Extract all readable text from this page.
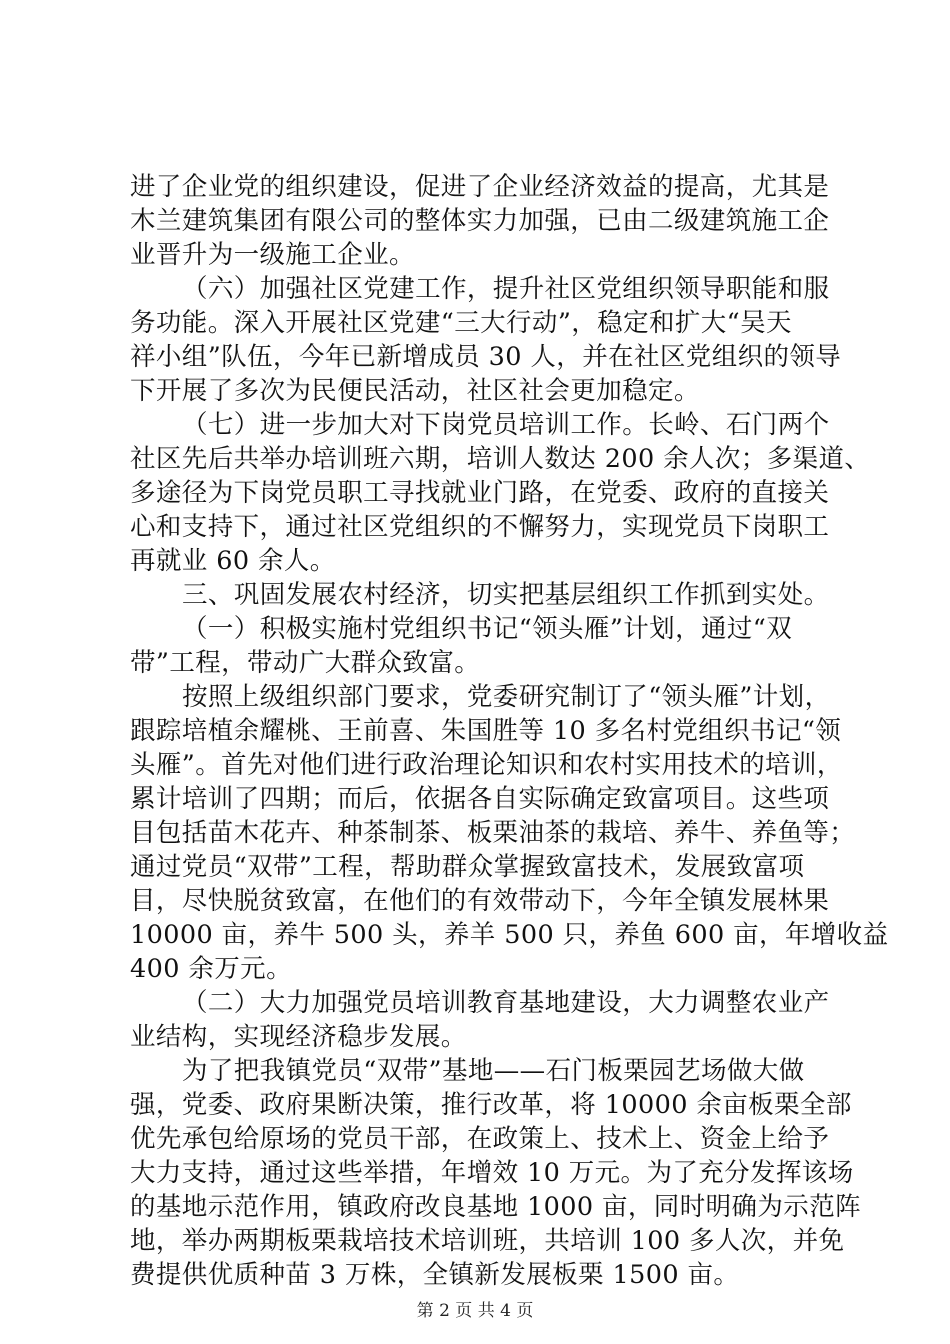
进了企业党的组织建设，促进了企业经济效益的提高，尤其是
木兰建筑集团有限公司的整体实力加强，已由二级建筑施工企
业晋升为一级施工企业。
（六）加强社区党建工作，提升社区党组织领导职能和服
务功能。深入开展社区党建“三大行动”，稳定和扩大“吴天
祥小组”队伍，今年已新增成员 30 人，并在社区党组织的领导
下开展了多次为民便民活动，社区社会更加稳定。
（七）进一步加大对下岗党员培训工作。长岭、石门两个
社区先后共举办培训班六期，培训人数达 200 余人次；多渠道、
多途径为下岗党员职工寻找就业门路，在党委、政府的直接关
心和支持下，通过社区党组织的不懈努力，实现党员下岗职工
再就业 60 余人。
三、巩固发展农村经济，切实把基层组织工作抓到实处。
（一）积极实施村党组织书记“领头雁”计划，通过“双
带”工程，带动广大群众致富。
按照上级组织部门要求，党委研究制订了“领头雁”计划，
跟踪培植余耀桃、王前喜、朱国胜等 10 多名村党组织书记“领
头雁”。首先对他们进行政治理论知识和农村实用技术的培训，
累计培训了四期；而后，依据各自实际确定致富项目。这些项
目包括苗木花卉、种茶制茶、板栗油茶的栽培、养牛、养鱼等；
通过党员“双带”工程，帮助群众掌握致富技术，发展致富项
目，尽快脱贫致富，在他们的有效带动下，今年全镇发展林果
10000 亩，养牛 500 头，养羊 500 只，养鱼 600 亩，年增收益
400 余万元。
（二）大力加强党员培训教育基地建设，大力调整农业产
业结构，实现经济稳步发展。
为了把我镇党员“双带”基地——石门板栗园艺场做大做
强，党委、政府果断决策，推行改革，将 10000 余亩板栗全部
优先承包给原场的党员干部，在政策上、技术上、资金上给予
大力支持，通过这些举措，年增效 10 万元。为了充分发挥该场
的基地示范作用，镇政府改良基地 1000 亩，同时明确为示范阵
地，举办两期板栗栽培技术培训班，共培训 100 多人次，并免
费提供优质种苗 3 万株，全镇新发展板栗 1500 亩。
第 2 页 共 4 页
